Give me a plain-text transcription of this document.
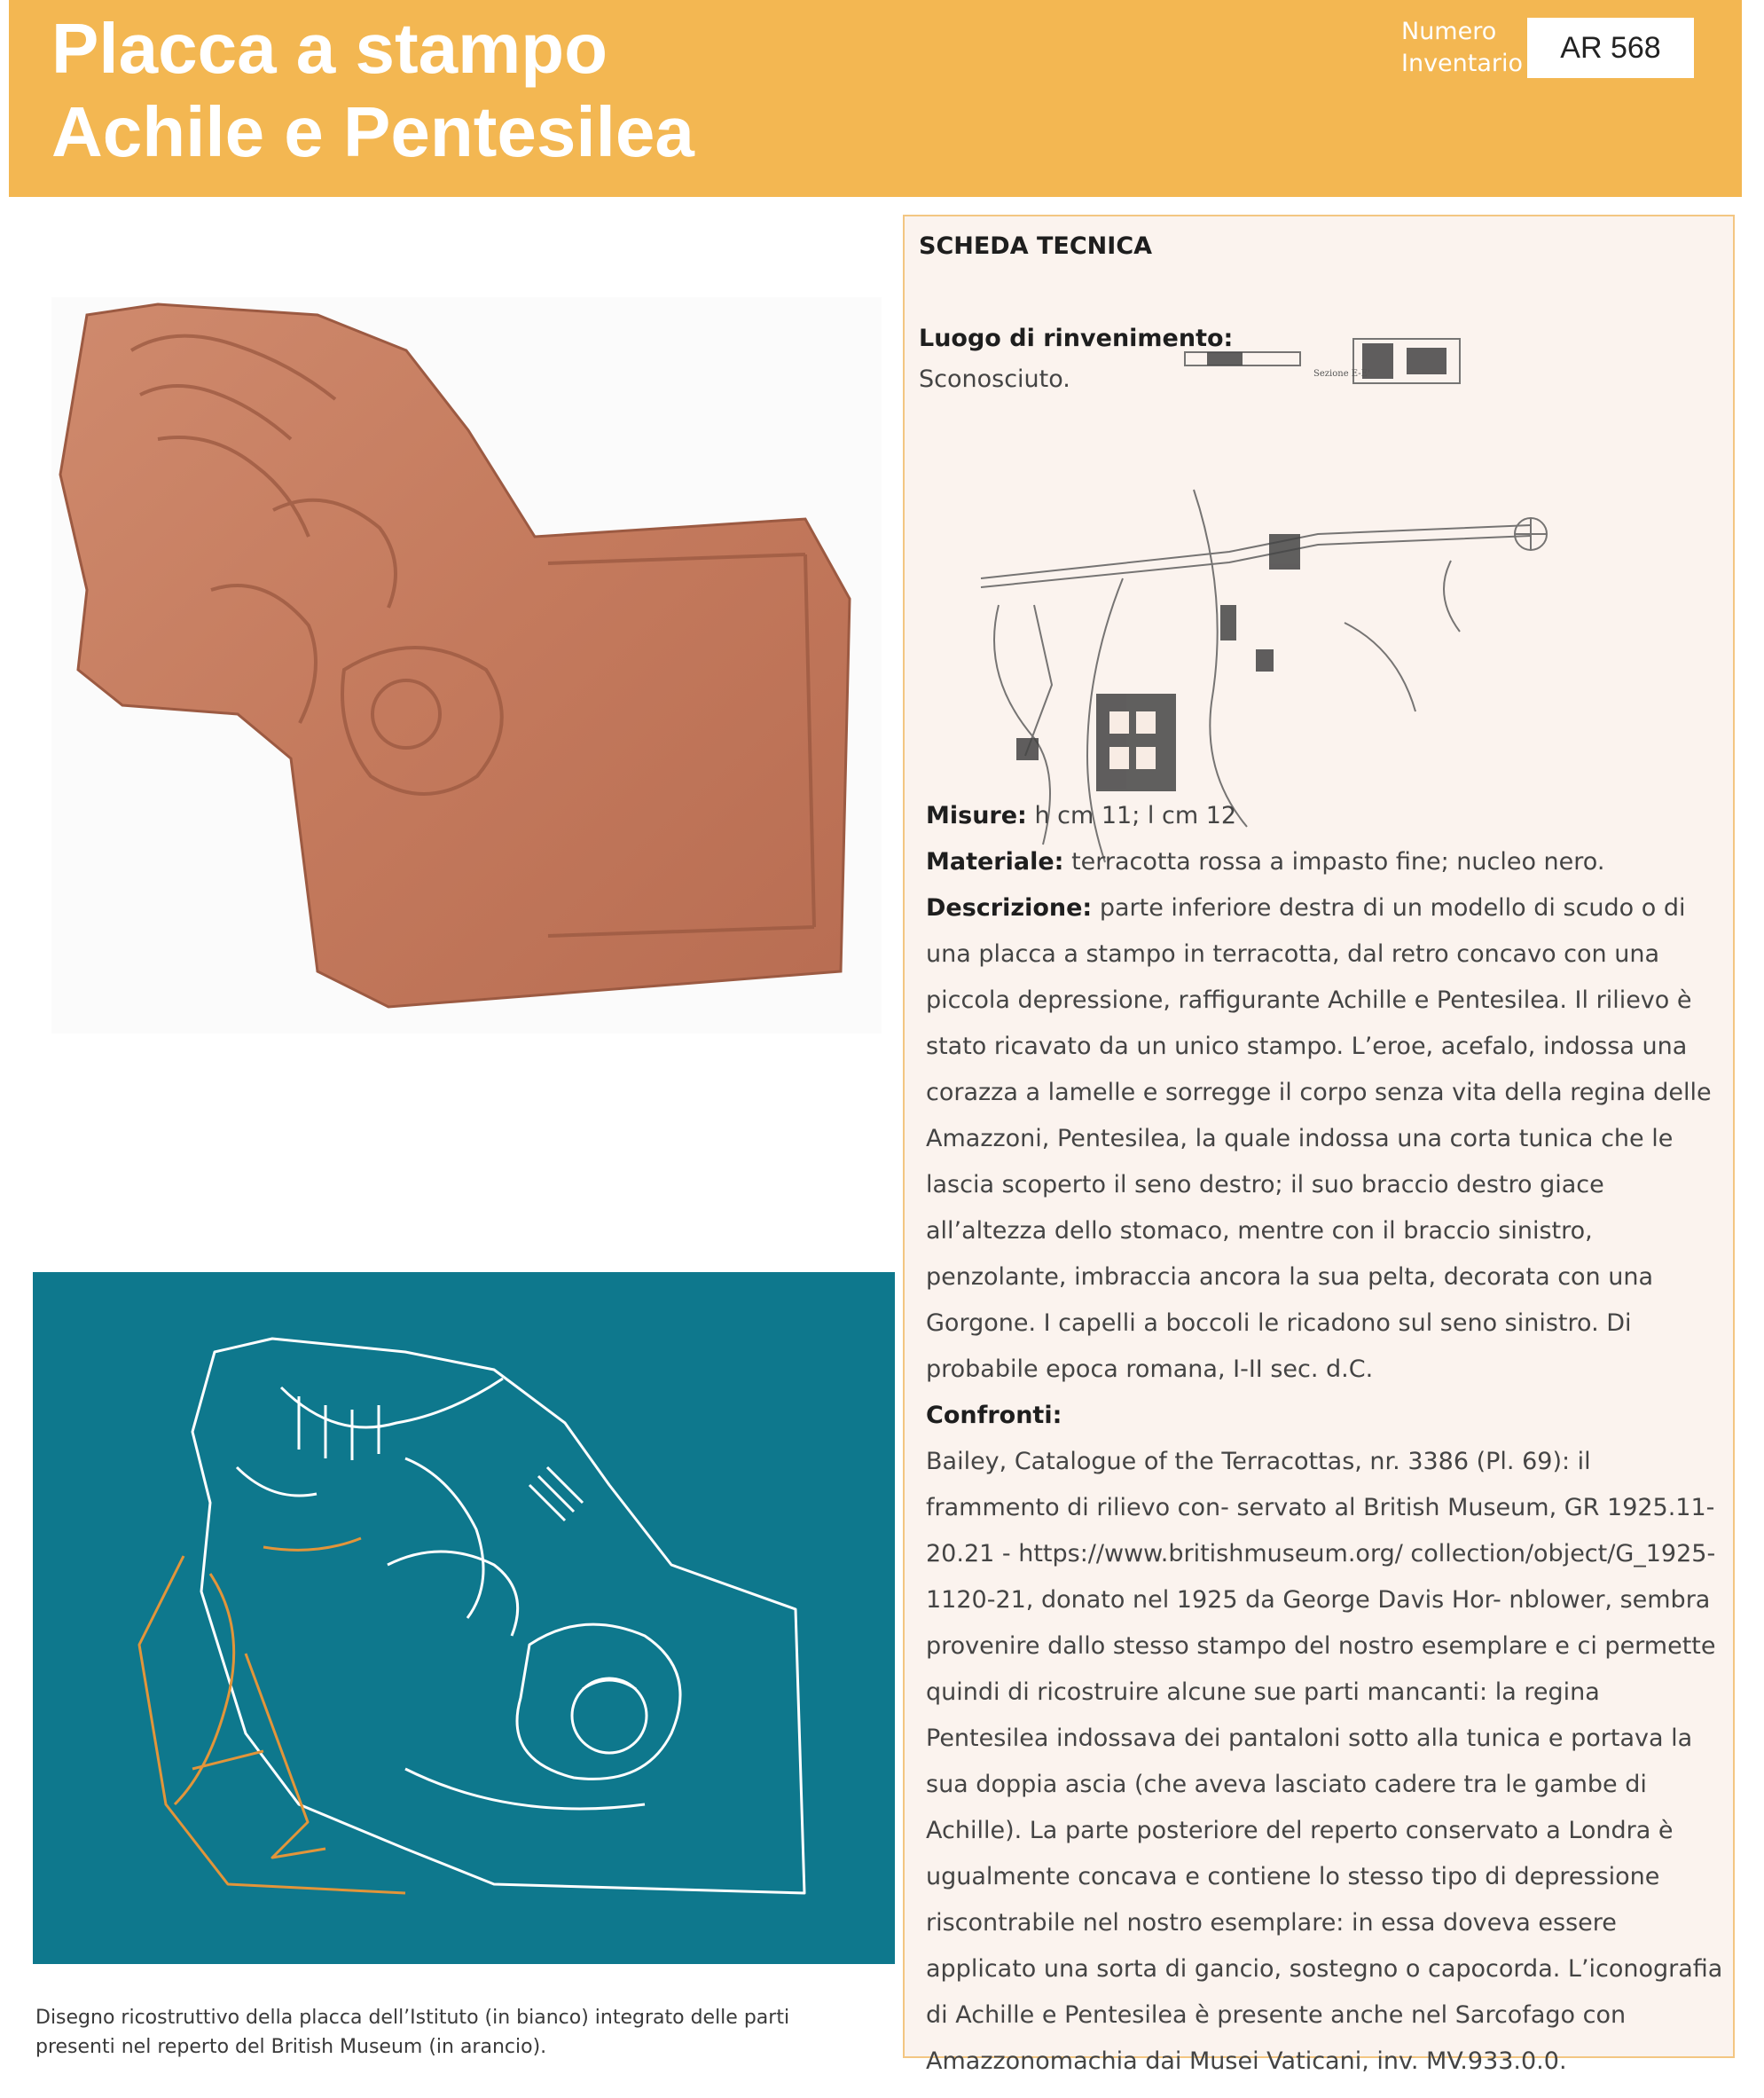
Placca a stampo
Achile e Pentesilea
Numero
Inventario	AR 568
Disegno ricostruttivo della placca dell’Istituto (in bianco) integrato delle parti
presenti nel reperto del British Museum (in arancio).
SCHEDA TECNICA
Sezione E-E'
Luogo di rinvenimento:
Sconosciuto.

Misure: h cm 11; l cm 12

Materiale: terracotta rossa a impasto fine; nucleo nero.

Descrizione: parte inferiore destra di un modello di scudo o di una placca a stampo in terracotta, dal retro concavo con una piccola depressione, raffigurante Achille e Pentesilea. Il rilievo è stato ricavato da un unico stampo. L’eroe, acefalo, indossa una corazza a lamelle e sorregge il corpo senza vita della regina delle Amazzoni, Pentesilea, la quale indossa una corta tunica che le lascia scoperto il seno destro; il suo braccio destro giace all’altezza dello stomaco, mentre con il braccio sinistro, penzolante, imbraccia ancora la sua pelta, decorata con una Gorgone. I capelli a boccoli le ricadono sul seno sinistro. Di probabile epoca romana, I-II sec. d.C.

Confronti:

Bailey, Catalogue of the Terracottas, nr. 3386 (Pl. 69): il frammento di rilievo con- servato al British Museum, GR 1925.11- 20.21 - https://www.britishmuseum.org/ collection/object/G_1925-1120-21, donato nel 1925 da George Davis Hor- nblower, sembra provenire dallo stesso stampo del nostro esemplare e ci permette quindi di ricostruire alcune sue parti mancanti: la regina Pentesilea indossava dei pantaloni sotto alla tunica e portava la sua doppia ascia (che aveva lasciato cadere tra le gambe di Achille). La parte posteriore del reperto conservato a Londra è ugualmente concava e contiene lo stesso tipo di depressione riscontrabile nel nostro esemplare: in essa doveva essere applicato una sorta di gancio, sostegno o capocorda. L’iconografia di Achille e Pentesilea è presente anche nel Sarcofago con Amazzonomachia dai Musei Vaticani, inv. MV.933.0.0.
